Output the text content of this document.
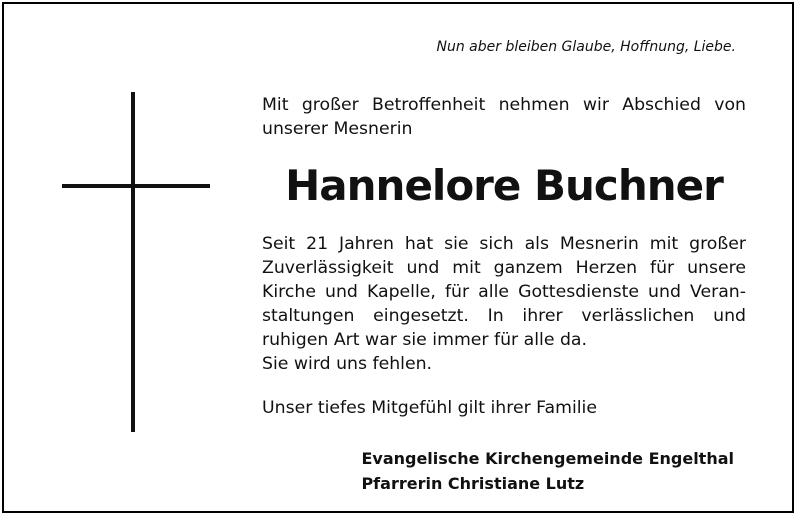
Nun aber bleiben Glaube, Hoffnung, Liebe.
Mit großer Betroffenheit nehmen wir Abschied von
unserer Mesnerin
Hannelore Buchner
Seit 21 Jahren hat sie sich als Mesnerin mit großer
Zuverlässigkeit und mit ganzem Herzen für unsere
Kirche und Kapelle, für alle Gottesdienste und Veran-
staltungen eingesetzt. In ihrer verlässlichen und
ruhigen Art war sie immer für alle da.
Sie wird uns fehlen.
Unser tiefes Mitgefühl gilt ihrer Familie
Evangelische Kirchengemeinde Engelthal
Pfarrerin Christiane Lutz
